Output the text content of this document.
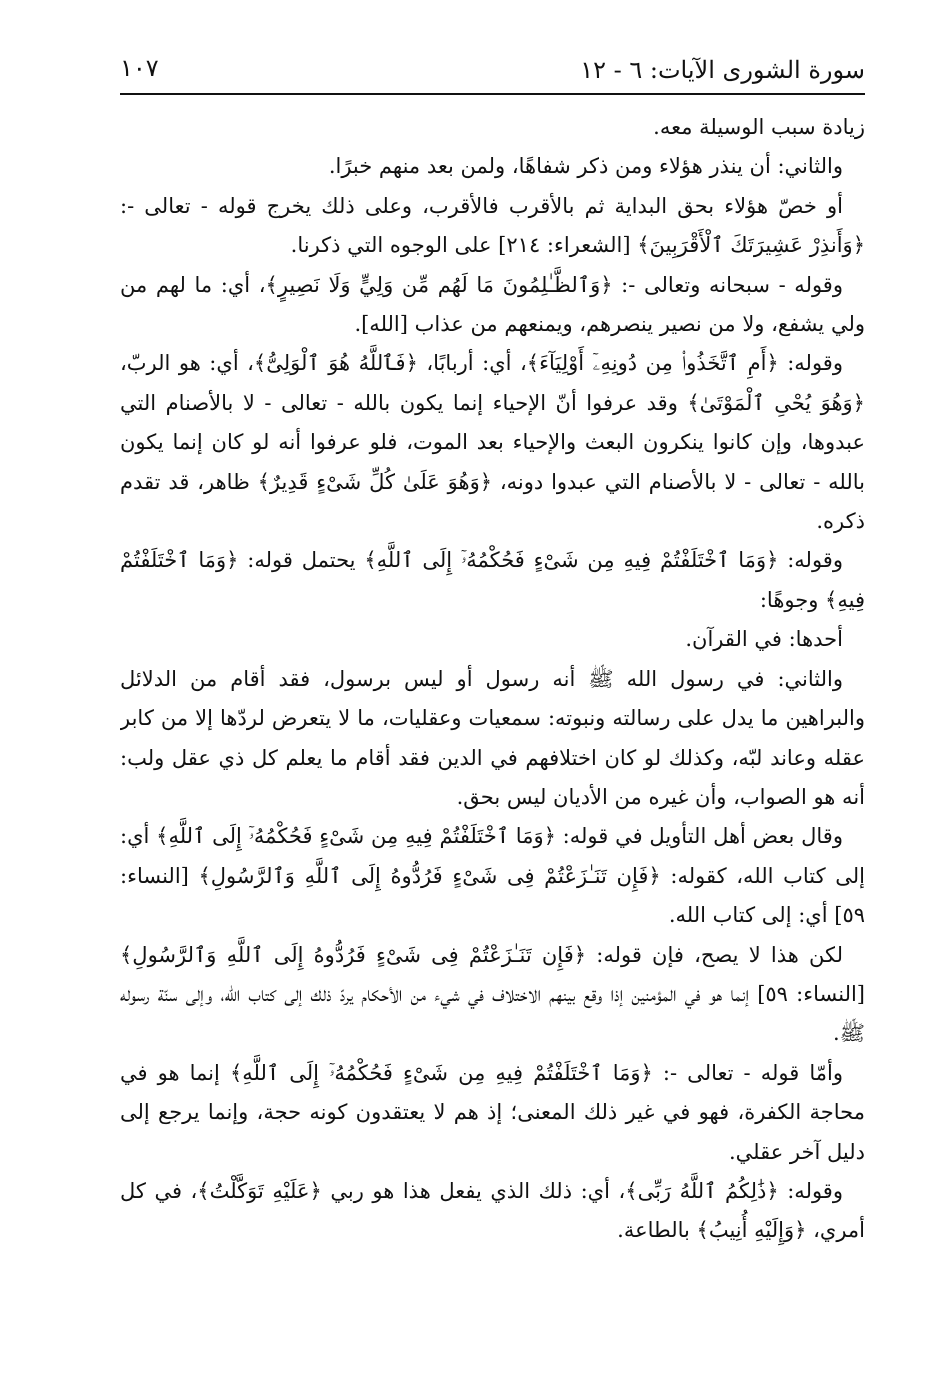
سورة الشورى الآيات: ٦ - ١٢
١٠٧

زيادة سبب الوسيلة معه.

والثاني: أن ينذر هؤلاء ومن ذكر شفاهًا، ولمن بعد منهم خبرًا.

أو خصّ هؤلاء بحق البداية ثم بالأقرب فالأقرب، وعلى ذلك يخرج قوله - تعالى -: ﴿وَأَنذِرْ عَشِيرَتَكَ ٱلْأَقْرَبِينَ﴾ [الشعراء: ٢١٤] على الوجوه التي ذكرنا.

وقوله - سبحانه وتعالى -: ﴿وَٱلظَّـٰلِمُونَ مَا لَهُم مِّن وَلِيٍّ وَلَا نَصِيرٍ﴾، أي: ما لهم من ولي يشفع، ولا من نصير ينصرهم، ويمنعهم من عذاب [الله].

وقوله: ﴿أَمِ ٱتَّخَذُوا۟ مِن دُونِهِۦٓ أَوْلِيَآءَ﴾، أي: أربابًا، ﴿فَٱللَّهُ هُوَ ٱلْوَلِىُّ﴾، أي: هو الربّ، ﴿وَهُوَ يُحْىِ ٱلْمَوْتَىٰ﴾ وقد عرفوا أنّ الإحياء إنما يكون بالله - تعالى - لا بالأصنام التي عبدوها، وإن كانوا ينكرون البعث والإحياء بعد الموت، فلو عرفوا أنه لو كان إنما يكون بالله - تعالى - لا بالأصنام التي عبدوا دونه، ﴿وَهُوَ عَلَىٰ كُلِّ شَىْءٍ قَدِيرٌ﴾ ظاهر، قد تقدم ذكره.

وقوله: ﴿وَمَا ٱخْتَلَفْتُمْ فِيهِ مِن شَىْءٍ فَحُكْمُهُۥٓ إِلَى ٱللَّهِ﴾ يحتمل قوله: ﴿وَمَا ٱخْتَلَفْتُمْ فِيهِ﴾ وجوهًا:

أحدها: في القرآن.

والثاني: في رسول الله ﷺ أنه رسول أو ليس برسول، فقد أقام من الدلائل والبراهين ما يدل على رسالته ونبوته: سمعيات وعقليات، ما لا يتعرض لردّها إلا من كابر عقله وعاند لبّه، وكذلك لو كان اختلافهم في الدين فقد أقام ما يعلم كل ذي عقل ولب: أنه هو الصواب، وأن غيره من الأديان ليس بحق.

وقال بعض أهل التأويل في قوله: ﴿وَمَا ٱخْتَلَفْتُمْ فِيهِ مِن شَىْءٍ فَحُكْمُهُۥٓ إِلَى ٱللَّهِ﴾ أي: إلى كتاب الله، كقوله: ﴿فَإِن تَنَـٰزَعْتُمْ فِى شَىْءٍ فَرُدُّوهُ إِلَى ٱللَّهِ وَٱلرَّسُولِ﴾ [النساء: ٥٩] أي: إلى كتاب الله.

لكن هذا لا يصح، فإن قوله: ﴿فَإِن تَنَـٰزَعْتُمْ فِى شَىْءٍ فَرُدُّوهُ إِلَى ٱللَّهِ وَٱلرَّسُولِ﴾ [النساء: ٥٩] إنما هو في المؤمنين إذا وقع بينهم الاختلاف في شيء من الأحكام يردّ ذلك إلى كتاب الله، وإلى سنّة رسوله ﷺ.

وأمّا قوله - تعالى -: ﴿وَمَا ٱخْتَلَفْتُمْ فِيهِ مِن شَىْءٍ فَحُكْمُهُۥٓ إِلَى ٱللَّهِ﴾ إنما هو في محاجة الكفرة، فهو في غير ذلك المعنى؛ إذ هم لا يعتقدون كونه حجة، وإنما يرجع إلى دليل آخر عقلي.

وقوله: ﴿ذَٰلِكُمُ ٱللَّهُ رَبِّى﴾، أي: ذلك الذي يفعل هذا هو ربي ﴿عَلَيْهِ تَوَكَّلْتُ﴾، في كل أمري، ﴿وَإِلَيْهِ أُنِيبُ﴾ بالطاعة.
